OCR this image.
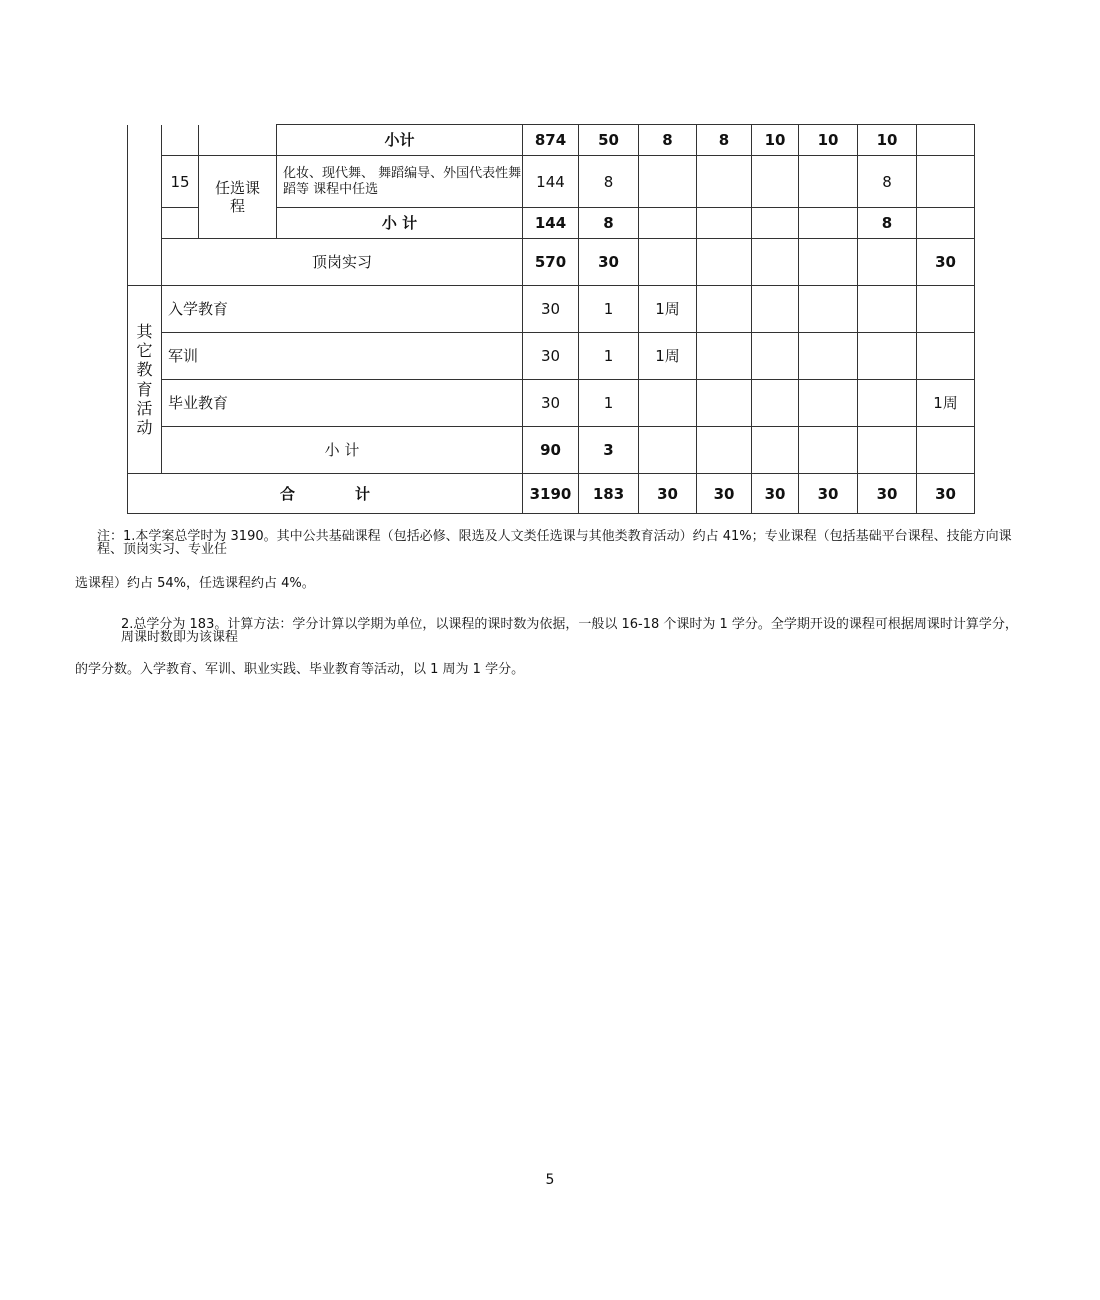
			小计	874	50	8	8	10	10	10	
	15	任选课程	化妆、现代舞、 舞蹈编导、外国代表性舞蹈等 课程中任选	144	8					8	
			小 计	144	8					8	
	顶岗实习			570	30						30
其它教育活动	入学教育			30	1	1周					
	军训			30	1	1周					
	毕业教育			30	1						1周
	小 计			90	3						
合 计				3190	183	30	30	30	30	30	30
注：1.本学案总学时为 3190。其中公共基础课程（包括必修、限选及人文类任选课与其他类教育活动）约占 41%；专业课程（包括基础平台课程、技能方向课程、顶岗实习、专业任
选课程）约占 54%，任选课程约占 4%。
2.总学分为 183。计算方法：学分计算以学期为单位，以课程的课时数为依据，一般以 16-18 个课时为 1 学分。全学期开设的课程可根据周课时计算学分，周课时数即为该课程
的学分数。入学教育、军训、职业实践、毕业教育等活动，以 1 周为 1 学分。
5
